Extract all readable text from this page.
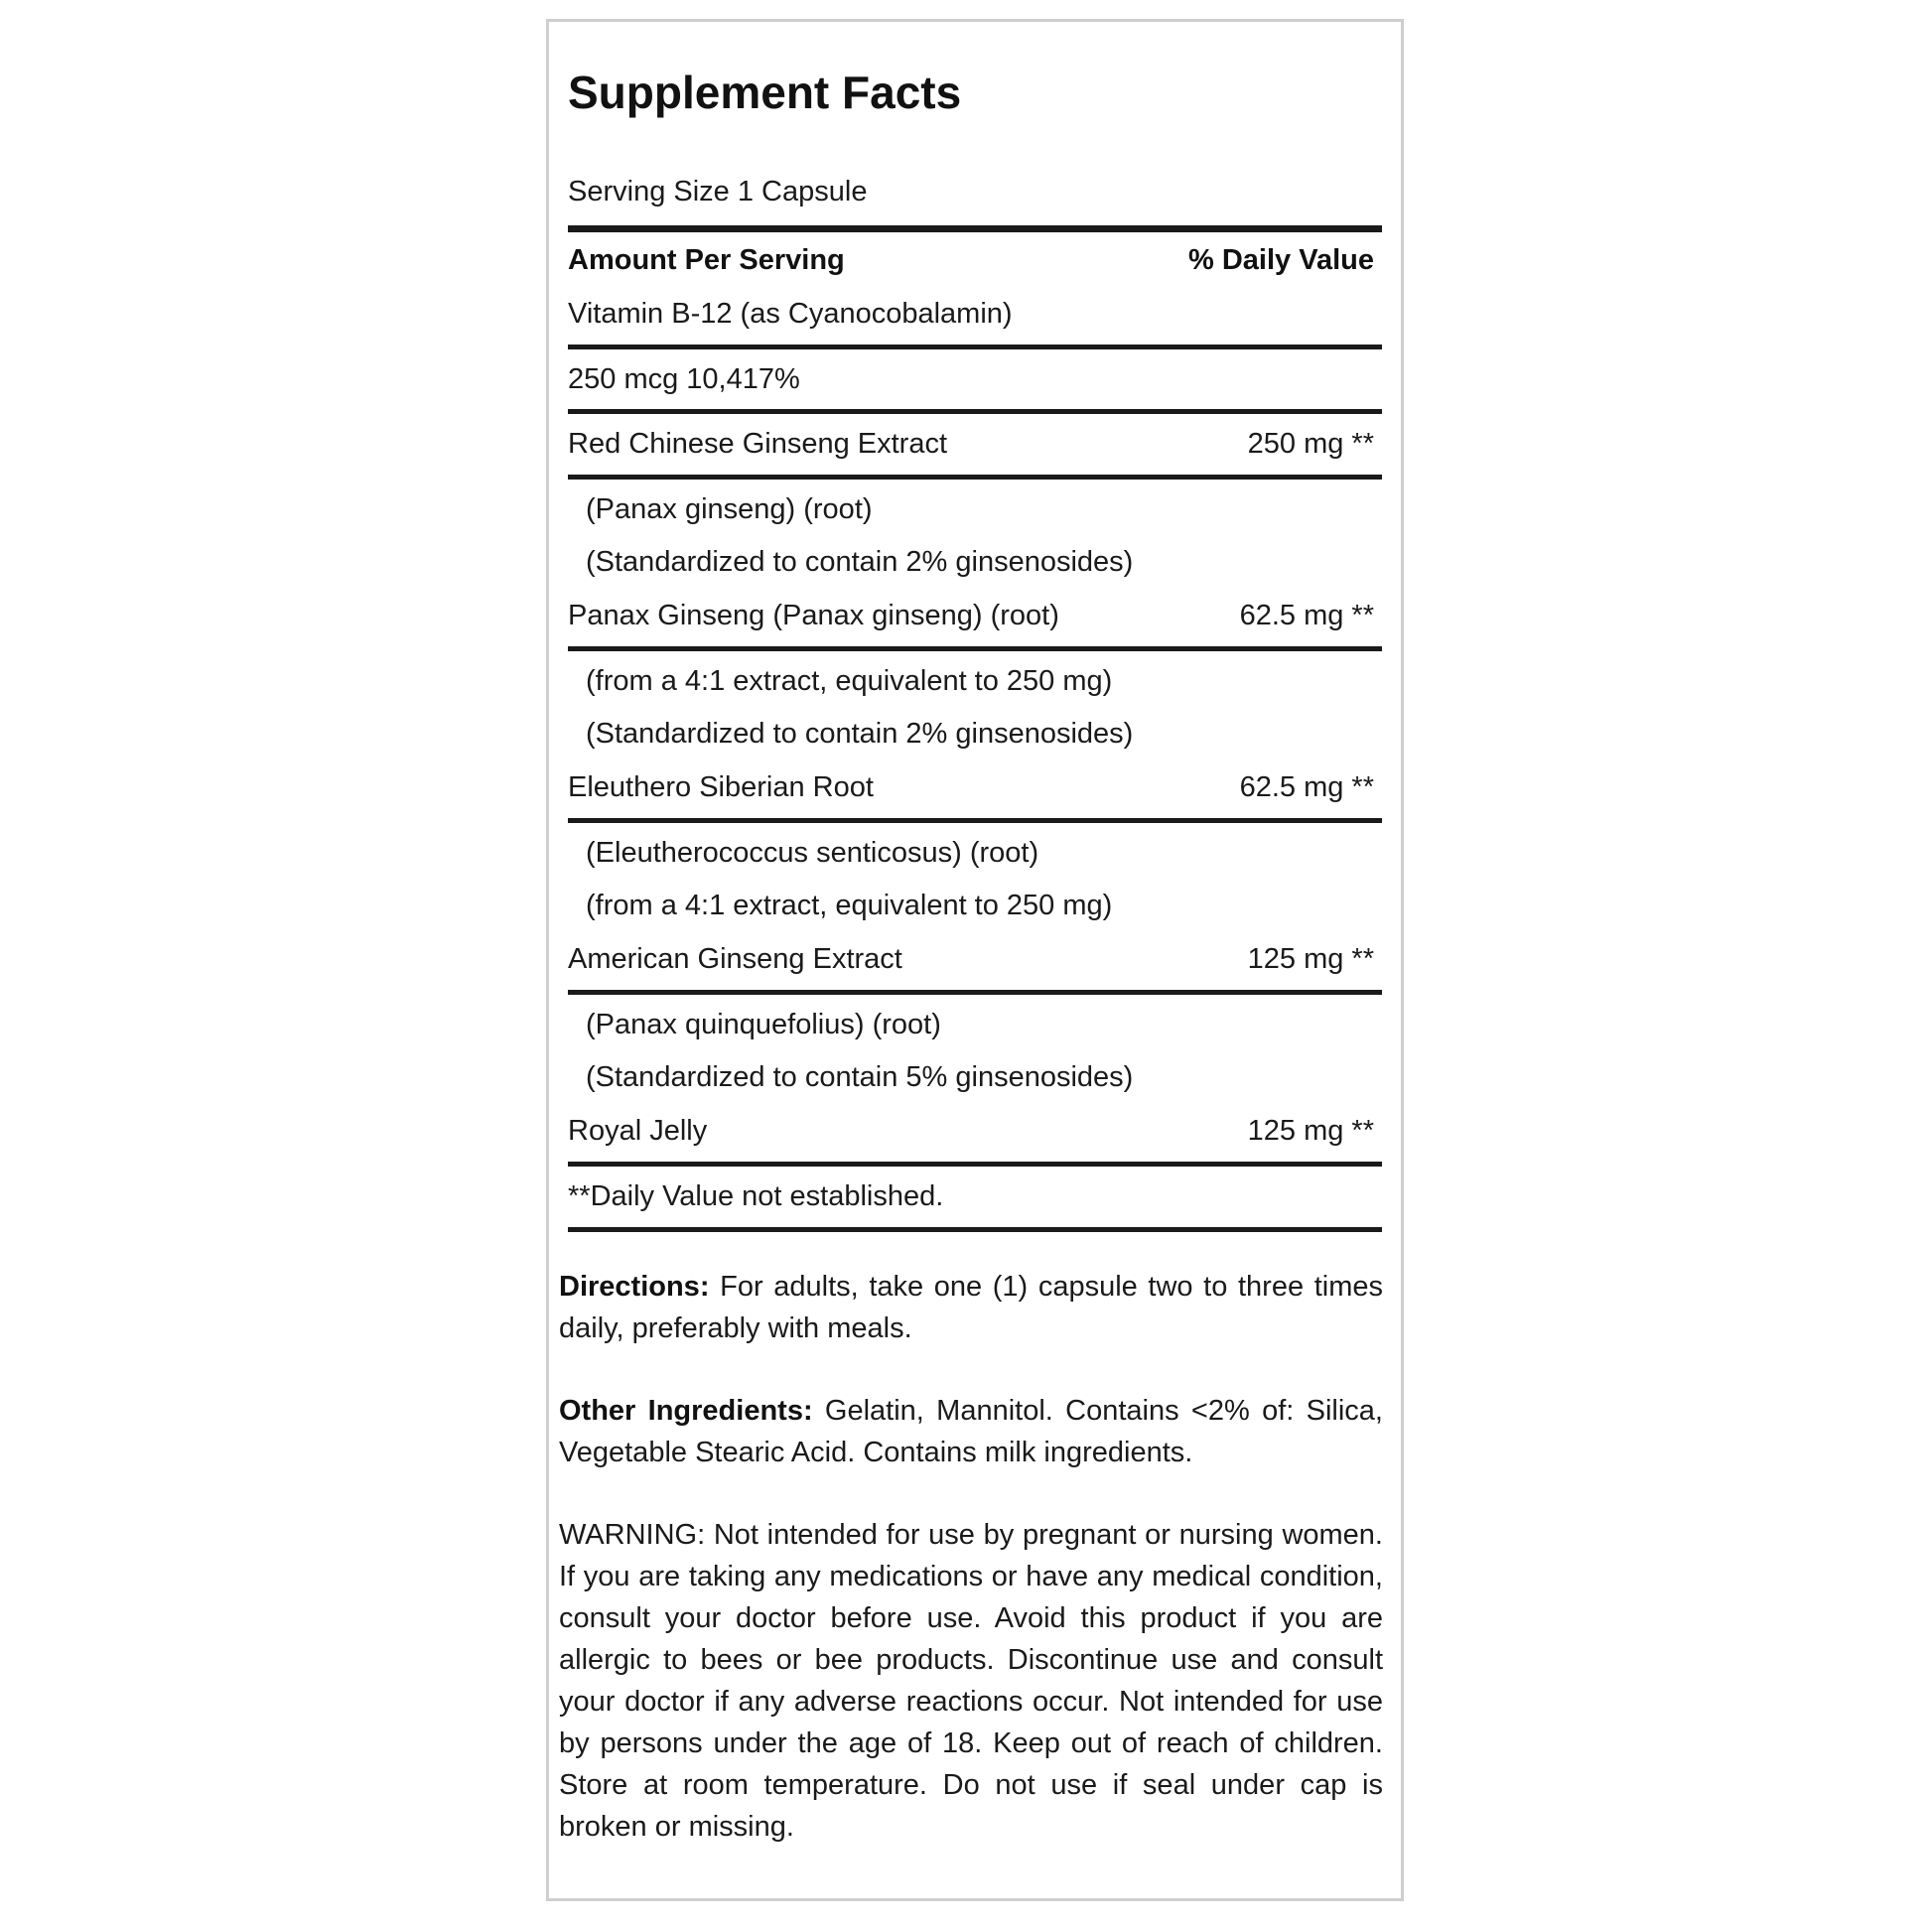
Supplement Facts
Serving Size 1 Capsule
Amount Per Serving	% Daily Value
Vitamin B-12 (as Cyanocobalamin)
250 mcg 10,417%
Red Chinese Ginseng Extract	250 mg **
(Panax ginseng) (root)
(Standardized to contain 2% ginsenosides)
Panax Ginseng (Panax ginseng) (root)	62.5 mg **
(from a 4:1 extract, equivalent to 250 mg)
(Standardized to contain 2% ginsenosides)
Eleuthero Siberian Root	62.5 mg **
(Eleutherococcus senticosus) (root)
(from a 4:1 extract, equivalent to 250 mg)
American Ginseng Extract	125 mg **
(Panax quinquefolius) (root)
(Standardized to contain 5% ginsenosides)
Royal Jelly	125 mg **
**Daily Value not established.
Directions: For adults, take one (1) capsule two to three times daily, preferably with meals.
Other Ingredients: Gelatin, Mannitol. Contains <2% of: Silica, Vegetable Stearic Acid. Contains milk ingredients.
WARNING: Not intended for use by pregnant or nursing women. If you are taking any medications or have any medical condition, consult your doctor before use. Avoid this product if you are allergic to bees or bee products. Discontinue use and consult your doctor if any adverse reactions occur. Not intended for use by persons under the age of 18. Keep out of reach of children. Store at room temperature. Do not use if seal under cap is broken or missing.
